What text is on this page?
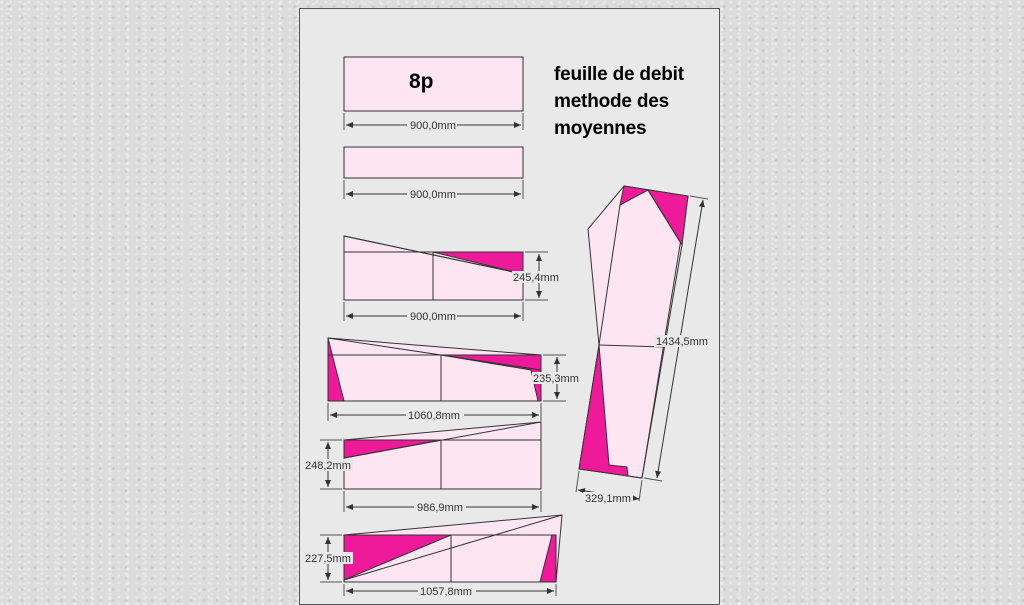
8p
900,0mm
900,0mm
245,4mm
900,0mm
235,3mm
1060,8mm
248,2mm
986,9mm
227,5mm
1057,8mm
1434,5mm
329,1mm
feuille de debit
methode des
moyennes
